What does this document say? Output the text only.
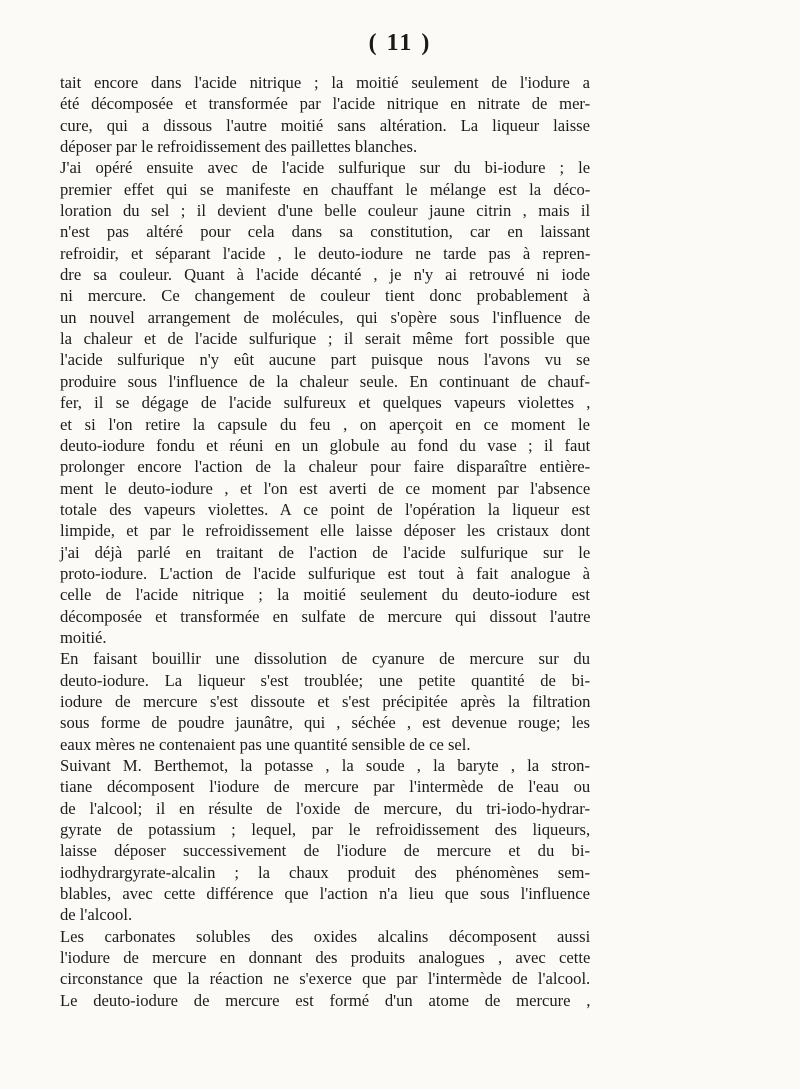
( 11 )
tait encore dans l'acide nitrique ; la moitié seulement de l'iodure a
été décomposée et transformée par l'acide nitrique en nitrate de mer-
cure, qui a dissous l'autre moitié sans altération. La liqueur laisse
déposer par le refroidissement des paillettes blanches.
J'ai opéré ensuite avec de l'acide sulfurique sur du bi-iodure ; le
premier effet qui se manifeste en chauffant le mélange est la déco-
loration du sel ; il devient d'une belle couleur jaune citrin , mais il
n'est pas altéré pour cela dans sa constitution, car en laissant
refroidir, et séparant l'acide , le deuto-iodure ne tarde pas à repren-
dre sa couleur. Quant à l'acide décanté , je n'y ai retrouvé ni iode
ni mercure. Ce changement de couleur tient donc probablement à
un nouvel arrangement de molécules, qui s'opère sous l'influence de
la chaleur et de l'acide sulfurique ; il serait même fort possible que
l'acide sulfurique n'y eût aucune part puisque nous l'avons vu se
produire sous l'influence de la chaleur seule. En continuant de chauf-
fer, il se dégage de l'acide sulfureux et quelques vapeurs violettes ,
et si l'on retire la capsule du feu , on aperçoit en ce moment le
deuto-iodure fondu et réuni en un globule au fond du vase ; il faut
prolonger encore l'action de la chaleur pour faire disparaître entière-
ment le deuto-iodure , et l'on est averti de ce moment par l'absence
totale des vapeurs violettes. A ce point de l'opération la liqueur est
limpide, et par le refroidissement elle laisse déposer les cristaux dont
j'ai déjà parlé en traitant de l'action de l'acide sulfurique sur le
proto-iodure. L'action de l'acide sulfurique est tout à fait analogue à
celle de l'acide nitrique ; la moitié seulement du deuto-iodure est
décomposée et transformée en sulfate de mercure qui dissout l'autre
moitié.
En faisant bouillir une dissolution de cyanure de mercure sur du
deuto-iodure. La liqueur s'est troublée; une petite quantité de bi-
iodure de mercure s'est dissoute et s'est précipitée après la filtration
sous forme de poudre jaunâtre, qui , séchée , est devenue rouge; les
eaux mères ne contenaient pas une quantité sensible de ce sel.
Suivant M. Berthemot, la potasse , la soude , la baryte , la stron-
tiane décomposent l'iodure de mercure par l'intermède de l'eau ou
de l'alcool; il en résulte de l'oxide de mercure, du tri-iodo-hydrar-
gyrate de potassium ; lequel, par le refroidissement des liqueurs,
laisse déposer successivement de l'iodure de mercure et du bi-
iodhydrargyrate-alcalin ; la chaux produit des phénomènes sem-
blables, avec cette différence que l'action n'a lieu que sous l'influence
de l'alcool.
Les carbonates solubles des oxides alcalins décomposent aussi
l'iodure de mercure en donnant des produits analogues , avec cette
circonstance que la réaction ne s'exerce que par l'intermède de l'alcool.
Le deuto-iodure de mercure est formé d'un atome de mercure ,
